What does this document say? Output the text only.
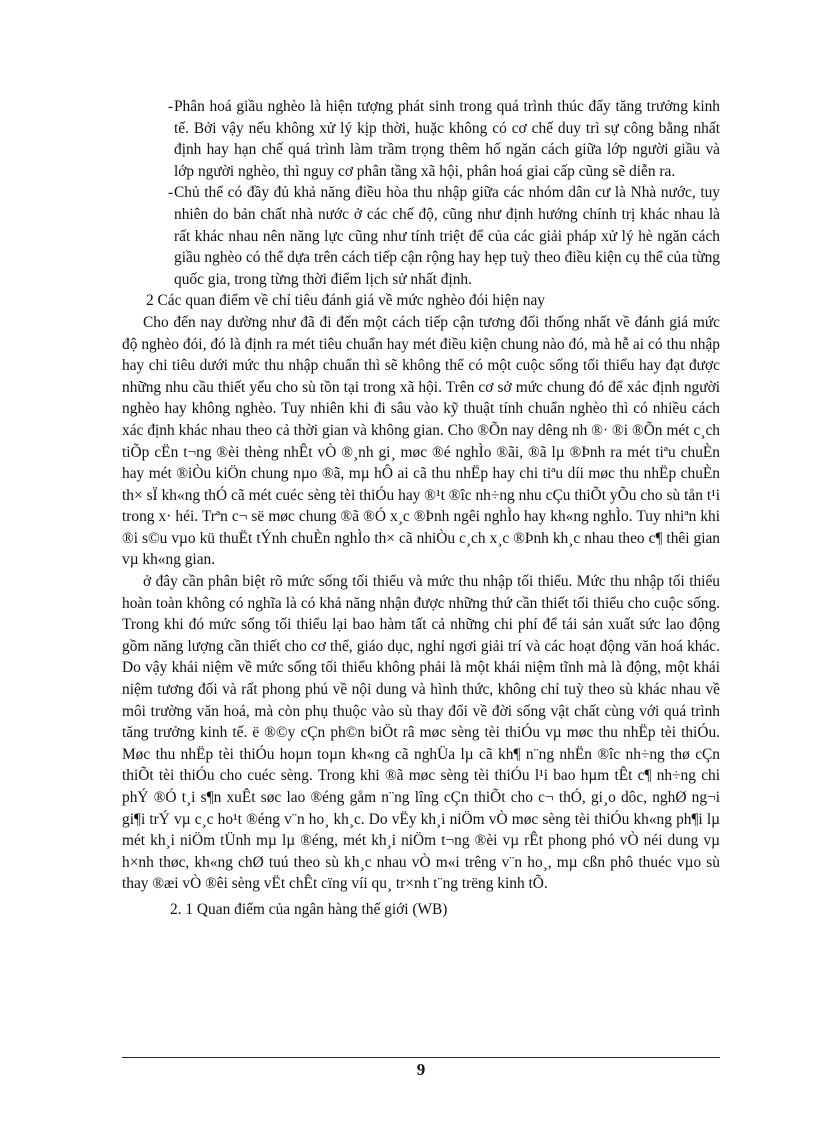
- Phân hoá giầu nghèo là hiện tượng phát sinh trong quá trình thúc đẩy tăng trưởng kinh tế. Bởi vậy nếu không xử lý kịp thời, huặc không có cơ chế duy trì sự công bằng nhất định hay hạn chế quá trình làm trầm trọng thêm hố ngăn cách giữa lớp người giầu và lớp người nghèo, thì nguy cơ phân tầng xã hội, phân hoá giai cấp cũng sẽ diễn ra.

- Chủ thể có đầy đủ khả năng điều hòa thu nhập giữa các nhóm dân cư là Nhà nước, tuy nhiên do bản chất nhà nước ở các chế độ, cũng như định hướng chính trị khác nhau là rất khác nhau nên năng lực cũng như tính triệt để của các giải pháp xử lý hè ngăn cách giầu nghèo có thể dựa trên cách tiếp cận rộng hay hẹp tuỳ theo điều kiện cụ thể của từng quốc gia, trong từng thời điểm lịch sử nhất định.

2 Các quan điểm về chỉ tiêu đánh giá về mức nghèo đói hiện nay

Cho đến nay dường như đã đi đến một cách tiếp cận tương đối thống nhất về đánh giá mức độ nghèo đói, đó là định ra mét tiêu chuẩn hay mét điều kiện chung nào đó, mà hễ ai có thu nhập hay chi tiêu dưới mức thu nhập chuẩn thì sẽ không thể có một cuộc sống tối thiểu hay đạt được những nhu cầu thiết yếu cho sù tồn tại trong xã hội. Trên cơ sở mức chung đó để xác định người nghèo hay không nghèo. Tuy nhiên khi đi sâu vào kỹ thuật tính chuẩn nghèo thì có nhiều cách xác định khác nhau theo cả thời gian và không gian. Cho ®Õn nay dêng nh ®· ®i ®Õn mét c¸ch tiÕp cËn t¬ng ®èi thèng nhÊt vÒ ®¸nh gi¸ møc ®é nghÌo ®ãi, ®ã lµ ®Þnh ra mét tiªu chuÈn hay mét ®iÒu kiÖn chung nµo ®ã, mµ hÔ ai cã thu nhËp hay chi tiªu díi møc thu nhËp chuÈn th× sÏ kh«ng thÓ cã mét cuéc sèng tèi thiÓu hay ®¹t ®îc nh÷ng nhu cÇu thiÕt yÕu cho sù tån t¹i trong x· héi. Trªn c¬ së møc chung ®ã ®Ó x¸c ®Þnh ngêi nghÌo hay kh«ng nghÌo. Tuy nhiªn khi ®i s©u vµo kü thuËt tÝnh chuÈn nghÌo th× cã nhiÒu c¸ch x¸c ®Þnh kh¸c nhau theo c¶ thêi gian vµ kh«ng gian.

ở đây cần phân biệt rõ mức sống tối thiểu và mức thu nhập tối thiểu. Mức thu nhập tối thiểu hoàn toàn không có nghĩa là có khả năng nhận được những thứ cần thiết tối thiểu cho cuộc sống. Trong khi đó mức sống tối thiểu lại bao hàm tất cả những chi phí để tái sản xuất sức lao động gồm năng lượng cần thiết cho cơ thể, giáo dục, nghỉ ngơi giải trí và các hoạt động văn hoá khác. Do vậy khái niệm về mức sống tối thiểu không phải là một khái niệm tĩnh mà là động, một khái niệm tương đối và rất phong phú về nội dung và hình thức, không chỉ tuỳ theo sù khác nhau về môi trường văn hoá, mà còn phụ thuộc vào sù thay đổi về đời sống vật chất cùng với quá trình tăng trưởng kinh tế. ë ®©y cÇn ph©n biÖt râ møc sèng tèi thiÓu vµ møc thu nhËp tèi thiÓu. Møc thu nhËp tèi thiÓu hoµn toµn kh«ng cã nghÜa lµ cã kh¶ n¨ng nhËn ®îc nh÷ng thø cÇn thiÕt tèi thiÓu cho cuéc sèng. Trong khi ®ã møc sèng tèi thiÓu l¹i bao hµm tÊt c¶ nh÷ng chi phÝ ®Ó t¸i s¶n xuÊt søc lao ®éng gåm n¨ng lîng cÇn thiÕt cho c¬ thÓ, gi¸o dôc, nghØ ng¬i gi¶i trÝ vµ c¸c ho¹t ®éng v¨n ho¸ kh¸c. Do vËy kh¸i niÖm vÒ møc sèng tèi thiÓu kh«ng ph¶i lµ mét kh¸i niÖm tÜnh mµ lµ ®éng, mét kh¸i niÖm t¬ng ®èi vµ rÊt phong phó vÒ néi dung vµ h×nh thøc, kh«ng chØ tuú theo sù kh¸c nhau vÒ m«i trêng v¨n ho¸, mµ cßn phô thuéc vµo sù thay ®æi vÒ ®êi sèng vËt chÊt cïng víi qu¸ tr×nh t¨ng trëng kinh tÕ.

2. 1 Quan điểm của ngân hàng thế giới (WB)

9
